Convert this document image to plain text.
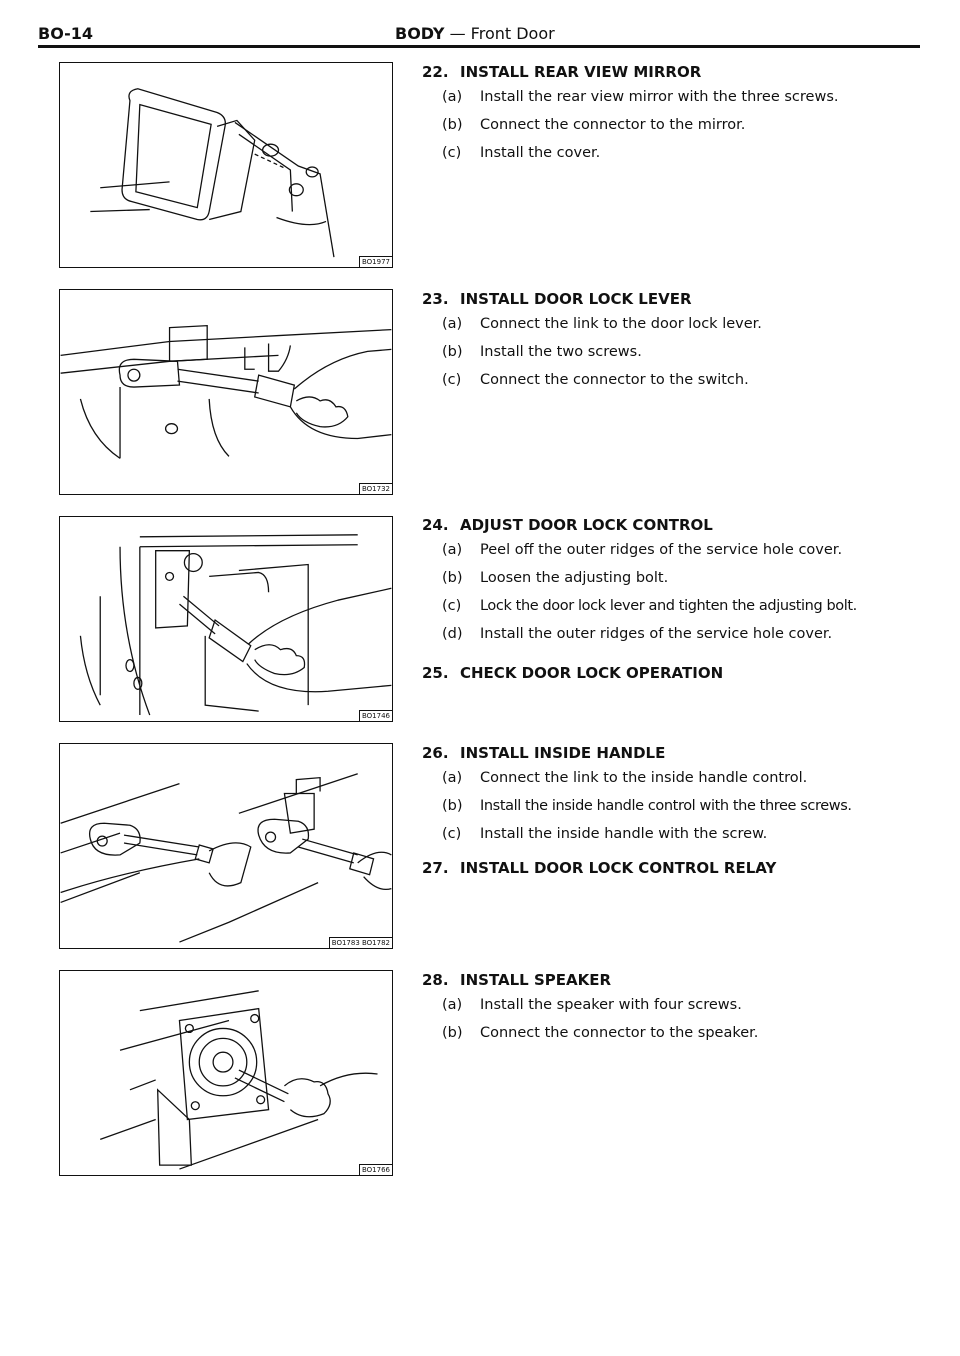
BO-14	BODY — Front Door
BO1977
BO1732
BO1746
BO1783 BO1782
BO1766
22. INSTALL REAR VIEW MIRROR
(a)	Install the rear view mirror with the three screws.
(b)	Connect the connector to the mirror.
(c)	Install the cover.
23. INSTALL DOOR LOCK LEVER
(a)	Connect the link to the door lock lever.
(b)	Install the two screws.
(c)	Connect the connector to the switch.
24. ADJUST DOOR LOCK CONTROL
(a)	Peel off the outer ridges of the service hole cover.
(b)	Loosen the adjusting bolt.
(c)	Lock the door lock lever and tighten the adjusting bolt.
(d)	Install the outer ridges of the service hole cover.
25. CHECK DOOR LOCK OPERATION
26. INSTALL INSIDE HANDLE
(a)	Connect the link to the inside handle control.
(b)	Install the inside handle control with the three screws.
(c)	Install the inside handle with the screw.
27. INSTALL DOOR LOCK CONTROL RELAY
28. INSTALL SPEAKER
(a)	Install the speaker with four screws.
(b)	Connect the connector to the speaker.
